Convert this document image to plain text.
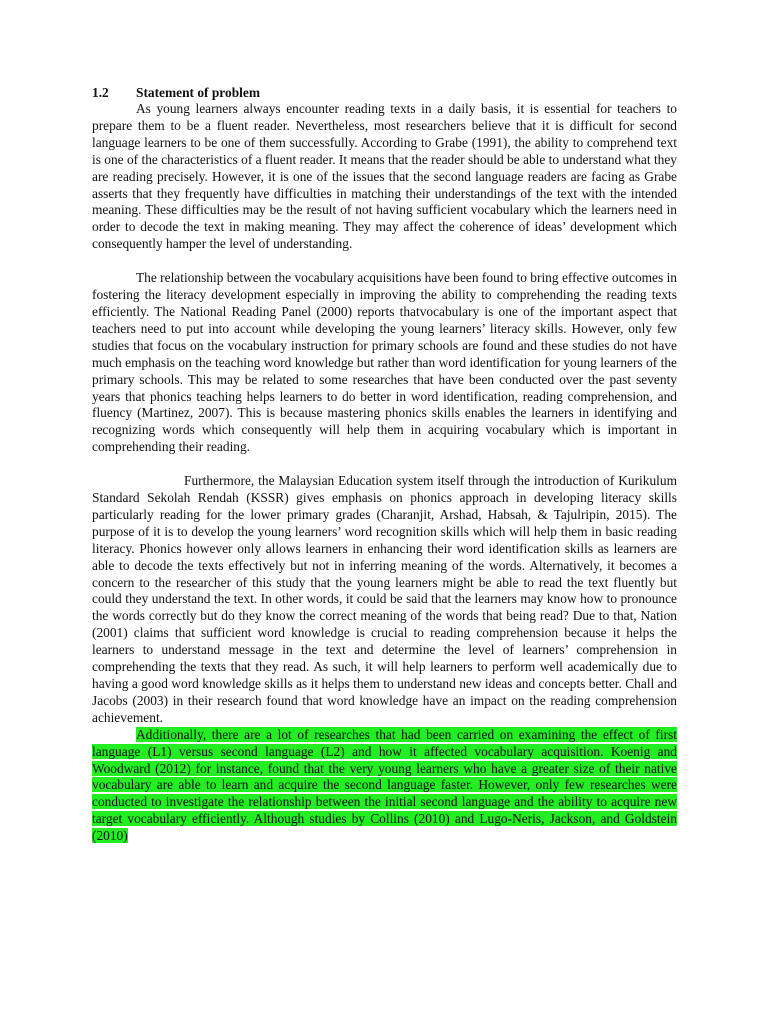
1.2 Statement of problem

As young learners always encounter reading texts in a daily basis, it is essential for teachers to prepare them to be a fluent reader. Nevertheless, most researchers believe that it is difficult for second language learners to be one of them successfully. According to Grabe (1991), the ability to comprehend text is one of the characteristics of a fluent reader. It means that the reader should be able to understand what they are reading precisely. However, it is one of the issues that the second language readers are facing as Grabe asserts that they frequently have difficulties in matching their understandings of the text with the intended meaning. These difficulties may be the result of not having sufficient vocabulary which the learners need in order to decode the text in making meaning. They may affect the coherence of ideas’ development which consequently hamper the level of understanding.

The relationship between the vocabulary acquisitions have been found to bring effective outcomes in fostering the literacy development especially in improving the ability to comprehending the reading texts efficiently. The National Reading Panel (2000) reports thatvocabulary is one of the important aspect that teachers need to put into account while developing the young learners’ literacy skills. However, only few studies that focus on the vocabulary instruction for primary schools are found and these studies do not have much emphasis on the teaching word knowledge but rather than word identification for young learners of the primary schools. This may be related to some researches that have been conducted over the past seventy years that phonics teaching helps learners to do better in word identification, reading comprehension, and fluency (Martinez, 2007). This is because mastering phonics skills enables the learners in identifying and recognizing words which consequently will help them in acquiring vocabulary which is important in comprehending their reading.

Furthermore, the Malaysian Education system itself through the introduction of Kurikulum Standard Sekolah Rendah (KSSR) gives emphasis on phonics approach in developing literacy skills particularly reading for the lower primary grades (Charanjit, Arshad, Habsah, & Tajulripin, 2015). The purpose of it is to develop the young learners’ word recognition skills which will help them in basic reading literacy. Phonics however only allows learners in enhancing their word identification skills as learners are able to decode the texts effectively but not in inferring meaning of the words. Alternatively, it becomes a concern to the researcher of this study that the young learners might be able to read the text fluently but could they understand the text. In other words, it could be said that the learners may know how to pronounce the words correctly but do they know the correct meaning of the words that being read? Due to that, Nation (2001) claims that sufficient word knowledge is crucial to reading comprehension because it helps the learners to understand message in the text and determine the level of learners’ comprehension in comprehending the texts that they read. As such, it will help learners to perform well academically due to having a good word knowledge skills as it helps them to understand new ideas and concepts better. Chall and Jacobs (2003) in their research found that word knowledge have an impact on the reading comprehension achievement.

Additionally, there are a lot of researches that had been carried on examining the effect of first language (L1) versus second language (L2) and how it affected vocabulary acquisition. Koenig and Woodward (2012) for instance, found that the very young learners who have a greater size of their native vocabulary are able to learn and acquire the second language faster. However, only few researches were conducted to investigate the relationship between the initial second language and the ability to acquire new target vocabulary efficiently. Although studies by Collins (2010) and Lugo-Neris, Jackson, and Goldstein (2010)
